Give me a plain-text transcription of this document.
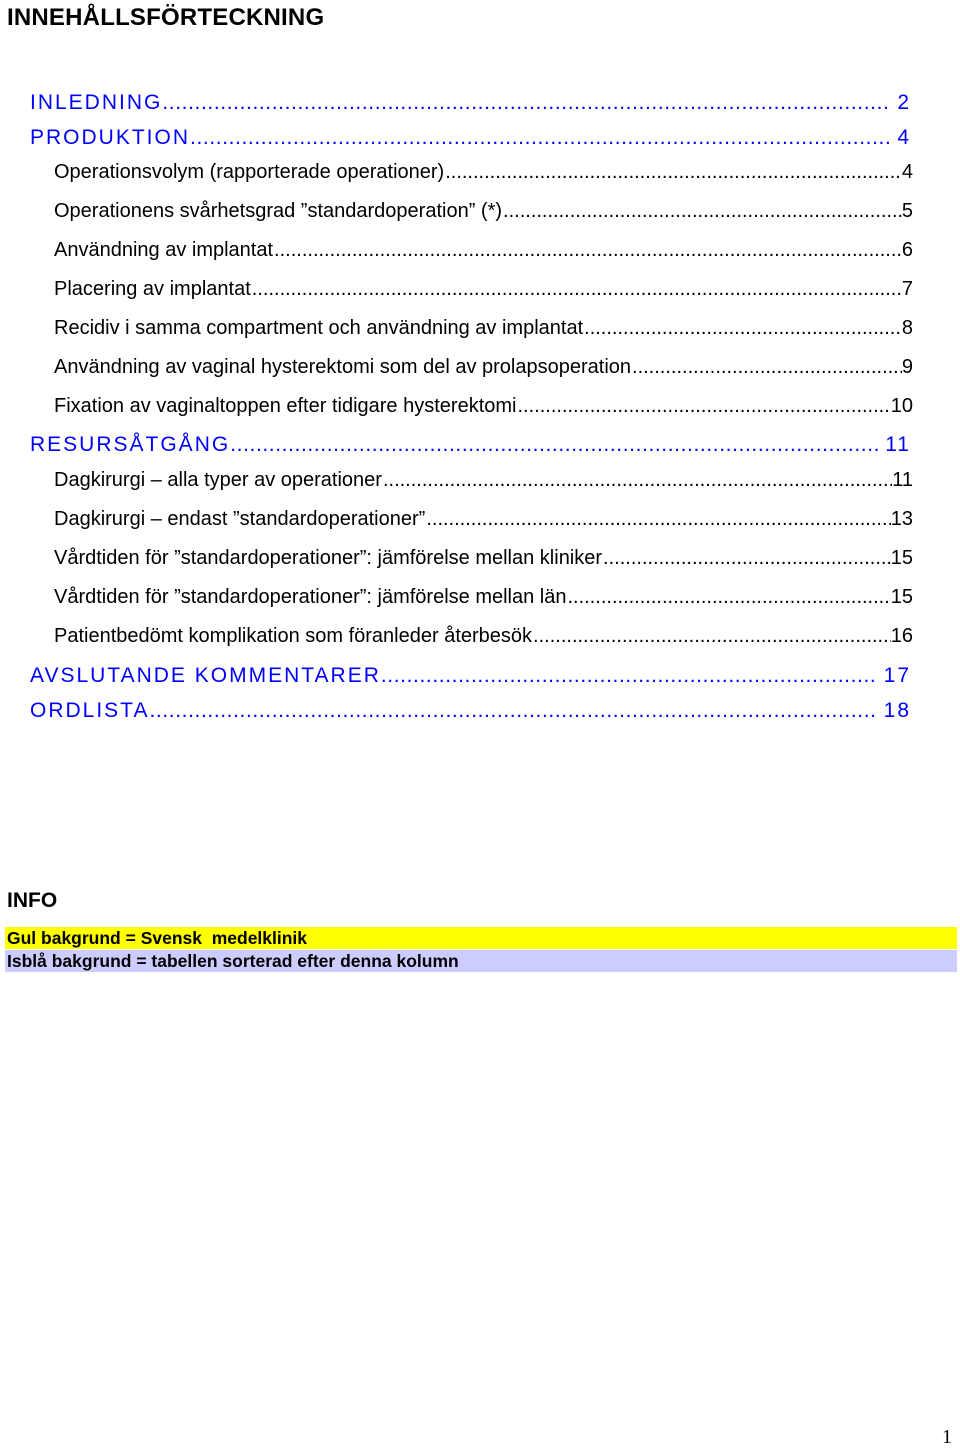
INNEHÅLLSFÖRTECKNING
INLEDNING .....	2
PRODUKTION .....	4
Operationsvolym (rapporterade operationer) .....	4
Operationens svårhetsgrad ”standardoperation” (*) .....	5
Användning av implantat .....	6
Placering av implantat .....	7
Recidiv i samma compartment och användning av implantat .....	8
Användning av vaginal hysterektomi som del av prolapsoperation .....	9
Fixation av vaginaltoppen efter tidigare hysterektomi .....	10
RESURSÅTGÅNG .....	11
Dagkirurgi – alla typer av operationer .....	11
Dagkirurgi – endast ”standardoperationer” .....	13
Vårdtiden för ”standardoperationer”: jämförelse mellan kliniker .....	15
Vårdtiden för ”standardoperationer”: jämförelse mellan län .....	15
Patientbedömt komplikation som föranleder återbesök .....	16
AVSLUTANDE KOMMENTARER .....	17
ORDLISTA .....	18
INFO
Gul bakgrund = Svensk  medelklinik
Isblå bakgrund = tabellen sorterad efter denna kolumn
1
